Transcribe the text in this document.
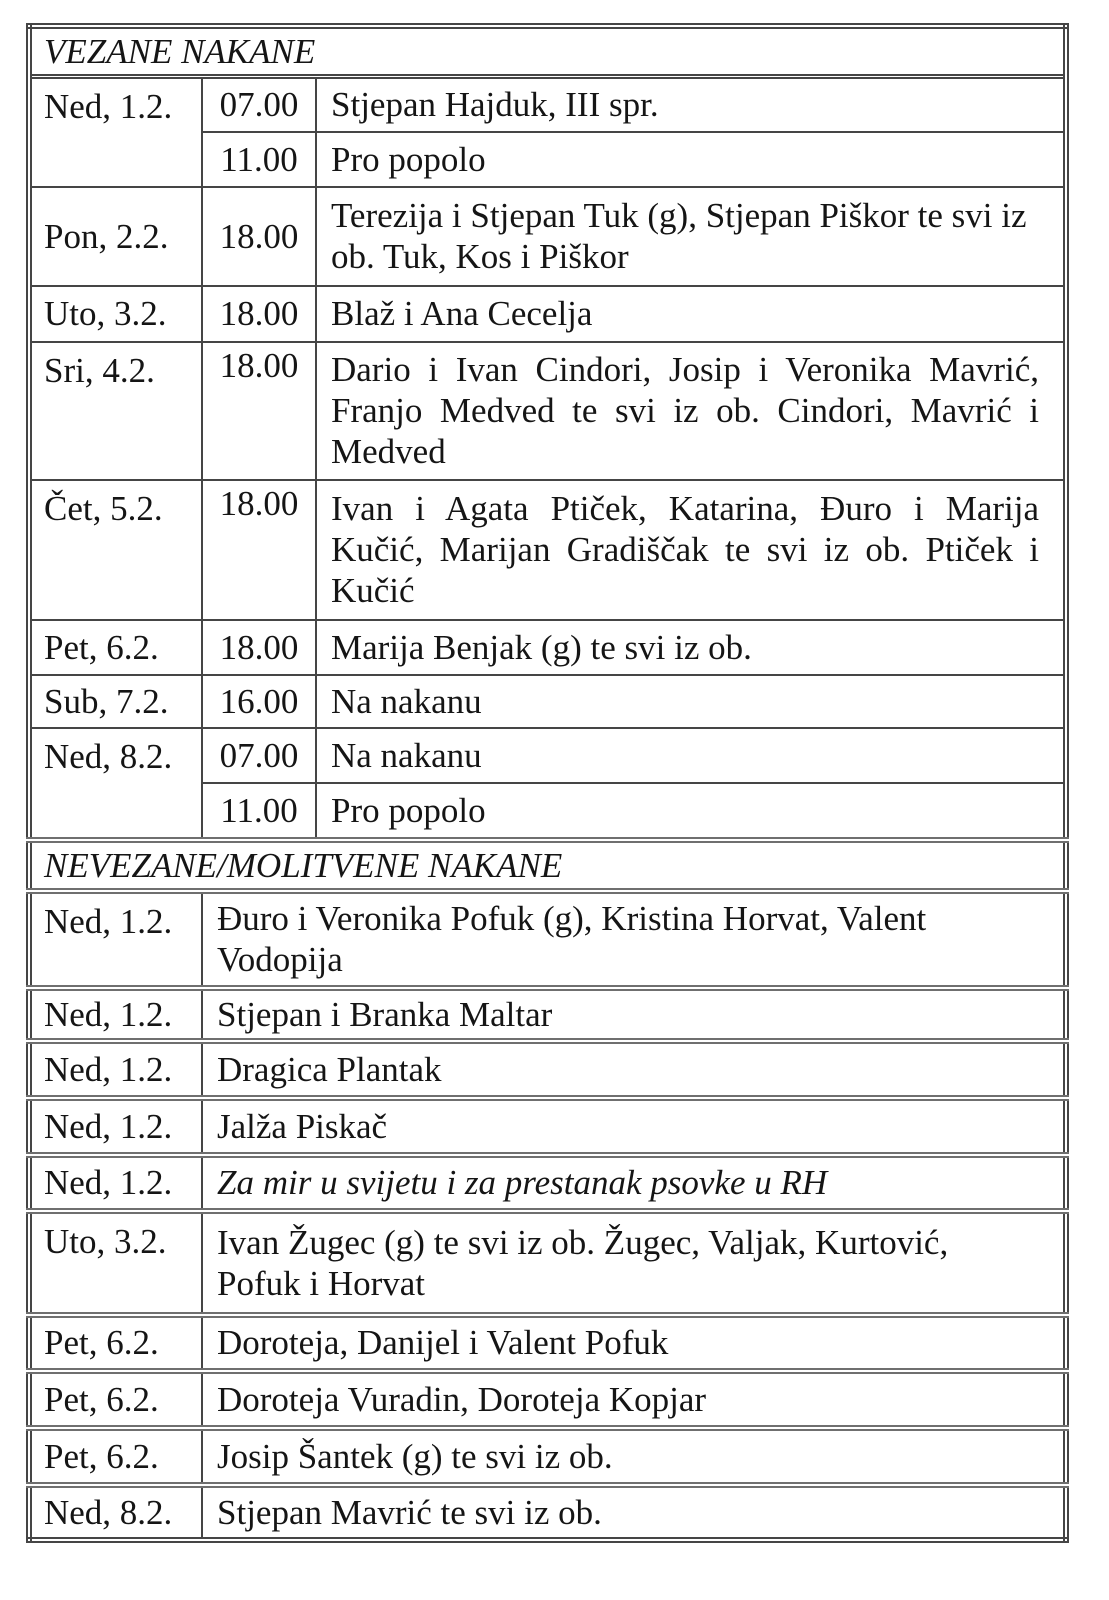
VEZANE NAKANE		
Ned, 1.2.	07.00	Stjepan Hajduk, III spr.
	11.00	Pro popolo
Pon, 2.2.	18.00	Terezija i Stjepan Tuk (g), Stjepan Piškor te svi iz ob. Tuk, Kos i Piškor
Uto, 3.2.	18.00	Blaž i Ana Cecelja
Sri, 4.2.	18.00	Dario i Ivan Cindori, Josip i Veronika Mavrić, Franjo Medved te svi iz ob. Cindori, Mavrić i Medved
Čet, 5.2.	18.00	Ivan i Agata Ptiček, Katarina, Đuro i Marija Kučić, Marijan Gradiščak te svi iz ob. Ptiček i Kučić
Pet, 6.2.	18.00	Marija Benjak (g) te svi iz ob.
Sub, 7.2.	16.00	Na nakanu
Ned, 8.2.	07.00	Na nakanu
	11.00	Pro popolo
NEVEZANE/MOLITVENE NAKANE		
Ned, 1.2.	Đuro i Veronika Pofuk (g), Kristina Horvat, Valent Vodopija	
Ned, 1.2.	Stjepan i Branka Maltar	
Ned, 1.2.	Dragica Plantak	
Ned, 1.2.	Jalža Piskač	
Ned, 1.2.	Za mir u svijetu i za prestanak psovke u RH	
Uto, 3.2.	Ivan Žugec (g) te svi iz ob. Žugec, Valjak, Kurtović, Pofuk i Horvat	
Pet, 6.2.	Doroteja, Danijel i Valent Pofuk	
Pet, 6.2.	Doroteja Vuradin, Doroteja Kopjar	
Pet, 6.2.	Josip Šantek (g) te svi iz ob.	
Ned, 8.2.	Stjepan Mavrić te svi iz ob.	
